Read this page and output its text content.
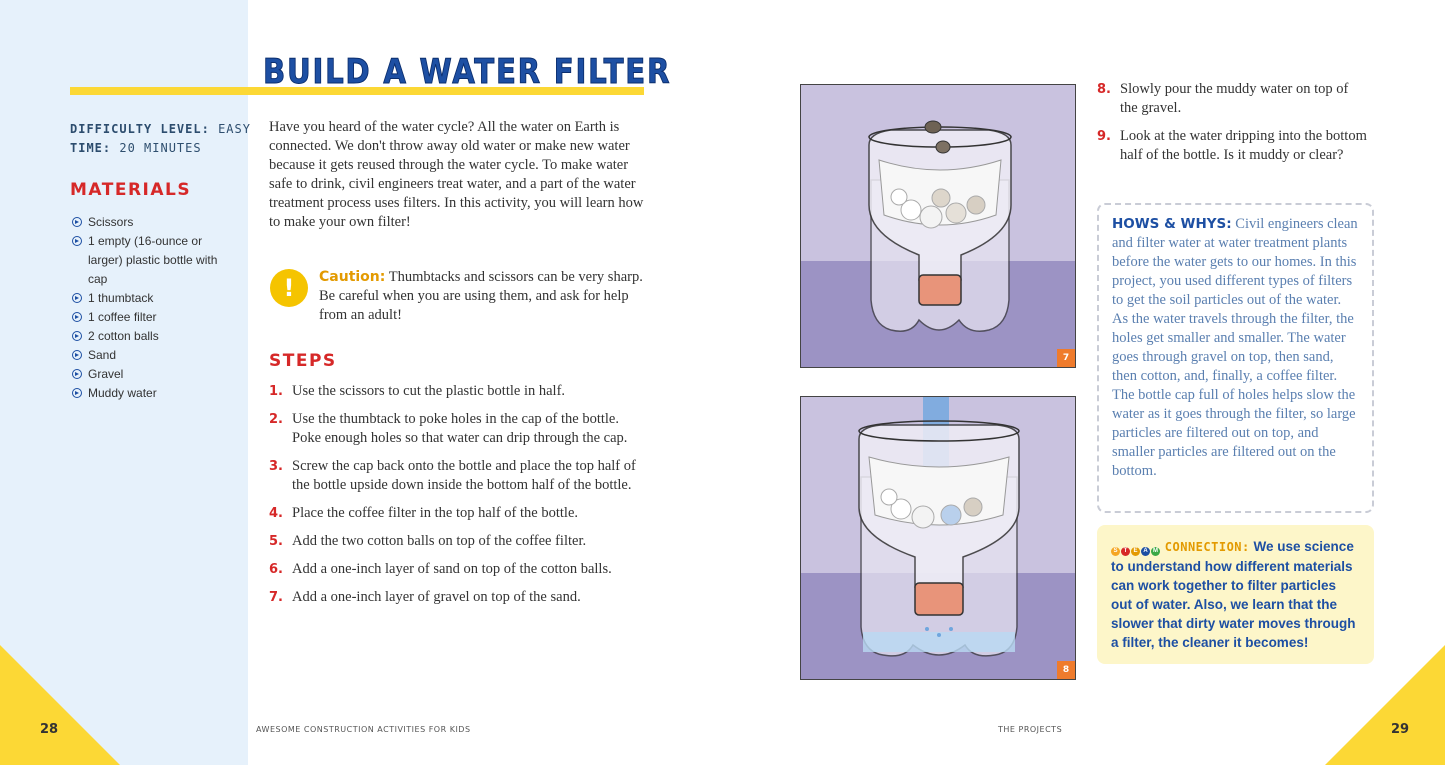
BUILD A WATER FILTER
DIFFICULTY LEVEL: EASY
TIME: 20 MINUTES
MATERIALS
Scissors
1 empty (16-ounce or larger) plastic bottle with cap
1 thumbtack
1 coffee filter
2 cotton balls
Sand
Gravel
Muddy water

Have you heard of the water cycle? All the water on Earth is connected. We don't throw away old water or make new water because it gets reused through the water cycle. To make water safe to drink, civil engineers treat water, and a part of the water treatment process uses filters. In this activity, you will learn how to make your own filter!

!	Caution: Thumbtacks and scissors can be very sharp. Be careful when you are using them, and ask for help from an adult!

STEPS
1. Use the scissors to cut the plastic bottle in half.
2. Use the thumbtack to poke holes in the cap of the bottle. Poke enough holes so that water can drip through the cap.
3. Screw the cap back onto the bottle and place the top half of the bottle upside down inside the bottom half of the bottle.
4. Place the coffee filter in the top half of the bottle.
5. Add the two cotton balls on top of the coffee filter.
6. Add a one-inch layer of sand on top of the cotton balls.
7. Add a one-inch layer of gravel on top of the sand.
8. Slowly pour the muddy water on top of the gravel.
9. Look at the water dripping into the bottom half of the bottle. Is it muddy or clear?
7
8
HOWS & WHYS: Civil engineers clean and filter water at water treatment plants before the water gets to our homes. In this project, you used different types of filters to get the soil particles out of the water. As the water travels through the filter, the holes get smaller and smaller. The water goes through gravel on top, then sand, then cotton, and, finally, a coffee filter. The bottle cap full of holes helps slow the water as it goes through the filter, so large particles are filtered out on top, and smaller particles are filtered out on the bottom.
S T E A M CONNECTION: We use science to understand how different materials can work together to filter particles out of water. Also, we learn that the slower that dirty water moves through a filter, the cleaner it becomes!
28	AWESOME CONSTRUCTION ACTIVITIES FOR KIDS	THE PROJECTS	29
